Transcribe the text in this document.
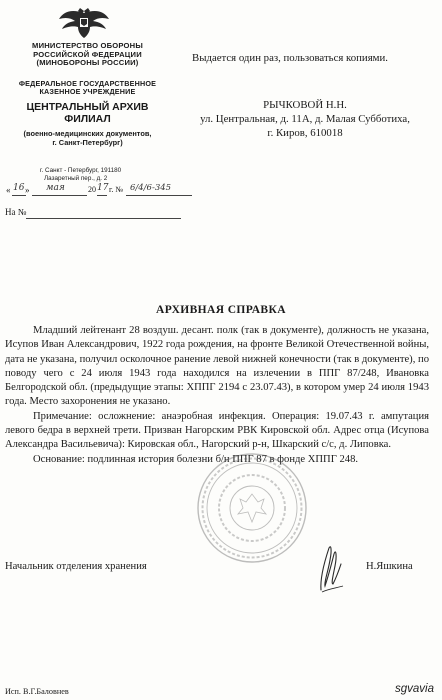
МИНИСТЕРСТВО ОБОРОНЫ
РОССИЙСКОЙ ФЕДЕРАЦИИ
(МИНОБОРОНЫ РОССИИ)
ФЕДЕРАЛЬНОЕ ГОСУДАРСТВЕННОЕ
КАЗЕННОЕ УЧРЕЖДЕНИЕ
ЦЕНТРАЛЬНЫЙ АРХИВ
ФИЛИАЛ
(военно-медицинских документов,
г. Санкт-Петербург)
г. Санкт - Петербург, 191180
Лазаретный пер., д. 2
« 16 » мая	20 17 г. № 6/4/6-345
На №
Выдается один раз, пользоваться копиями.
РЫЧКОВОЙ Н.Н.
ул. Центральная, д. 11А, д. Малая Субботиха,
г. Киров, 610018
АРХИВНАЯ СПРАВКА

Младший лейтенант 28 воздуш. десант. полк (так в документе), должность не указана, Исупов Иван Александрович, 1922 года рождения, на фронте Великой Отечественной войны, дата не указана, получил осколочное ранение левой нижней конечности (так в документе), по поводу чего с 24 июля 1943 года находился на излечении в ППГ 87/248, Ивановка Белгородской обл. (предыдущие этапы: ХППГ 2194 с 23.07.43), в котором умер 24 июля 1943 года. Место захоронения не указано.

Примечание: осложнение: анаэробная инфекция. Операция: 19.07.43 г. ампутация левого бедра в верхней трети. Призван Нагорским РВК Кировской обл. Адрес отца (Исупова Александра Васильевича): Кировская обл., Нагорский р-н, Шкарский с/с, д. Липовка.

Основание: подлинная история болезни б/н ППГ 87 в фонде ХППГ 248.

Начальник отделения хранения	Н.Яшкина
Исп. В.Г.Баловнев	sgvavia
